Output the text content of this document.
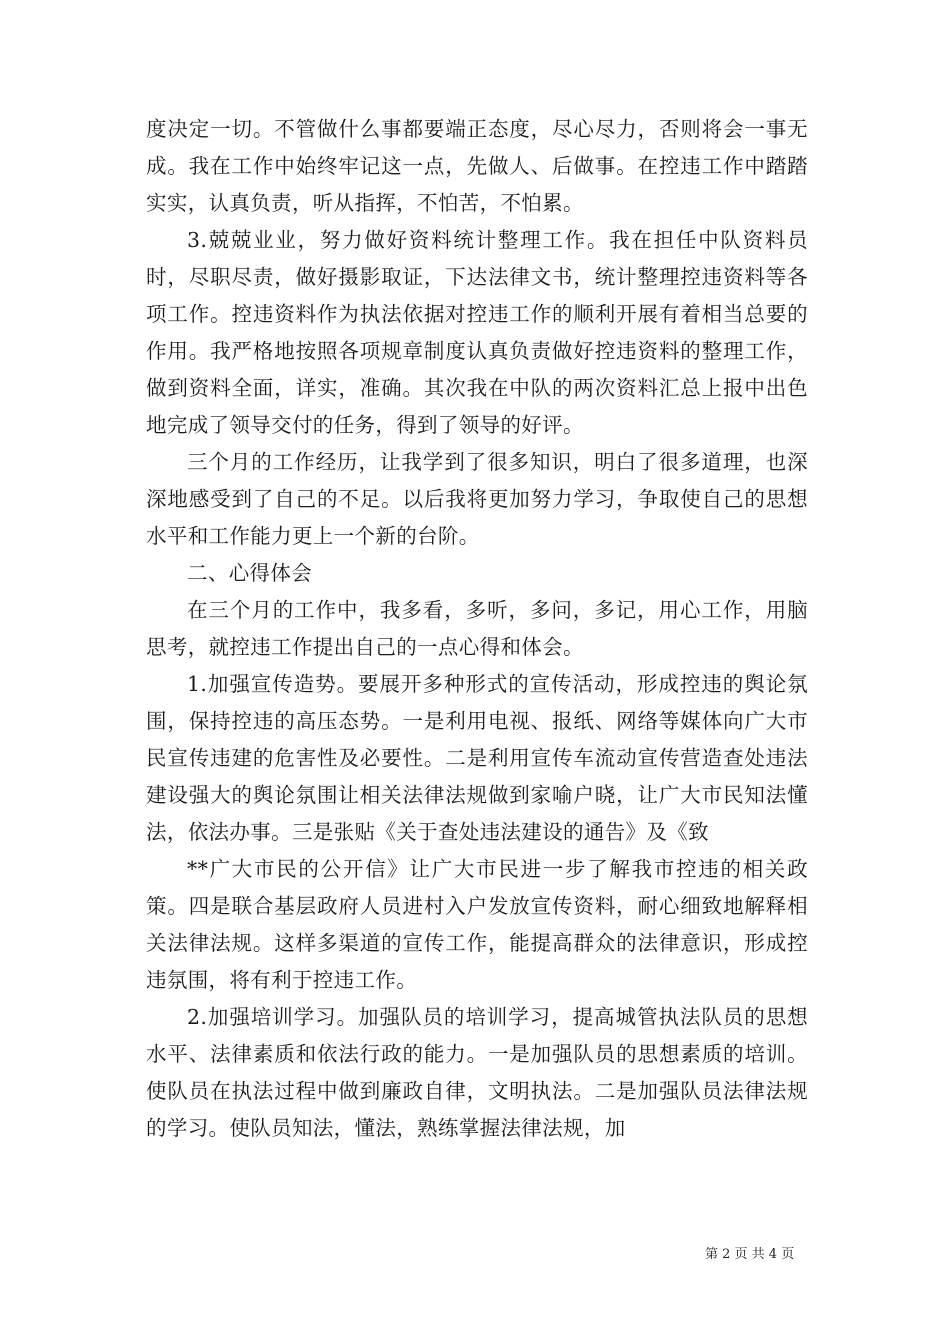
度决定一切。不管做什么事都要端正态度，尽心尽力，否则将会一事无成。我在工作中始终牢记这一点，先做人、后做事。在控违工作中踏踏实实，认真负责，听从指挥，不怕苦，不怕累。

3.兢兢业业，努力做好资料统计整理工作。我在担任中队资料员时，尽职尽责，做好摄影取证，下达法律文书，统计整理控违资料等各项工作。控违资料作为执法依据对控违工作的顺利开展有着相当总要的作用。我严格地按照各项规章制度认真负责做好控违资料的整理工作，做到资料全面，详实，准确。其次我在中队的两次资料汇总上报中出色地完成了领导交付的任务，得到了领导的好评。

三个月的工作经历，让我学到了很多知识，明白了很多道理，也深深地感受到了自己的不足。以后我将更加努力学习，争取使自己的思想水平和工作能力更上一个新的台阶。

二、心得体会

在三个月的工作中，我多看，多听，多问，多记，用心工作，用脑思考，就控违工作提出自己的一点心得和体会。

1.加强宣传造势。要展开多种形式的宣传活动，形成控违的舆论氛围，保持控违的高压态势。一是利用电视、报纸、网络等媒体向广大市民宣传违建的危害性及必要性。二是利用宣传车流动宣传营造查处违法建设强大的舆论氛围让相关法律法规做到家喻户晓，让广大市民知法懂法，依法办事。三是张贴《关于查处违法建设的通告》及《致

**广大市民的公开信》让广大市民进一步了解我市控违的相关政策。四是联合基层政府人员进村入户发放宣传资料，耐心细致地解释相关法律法规。这样多渠道的宣传工作，能提高群众的法律意识，形成控违氛围，将有利于控违工作。

2.加强培训学习。加强队员的培训学习，提高城管执法队员的思想水平、法律素质和依法行政的能力。一是加强队员的思想素质的培训。使队员在执法过程中做到廉政自律，文明执法。二是加强队员法律法规的学习。使队员知法，懂法，熟练掌握法律法规，加

第 2 页 共 4 页
